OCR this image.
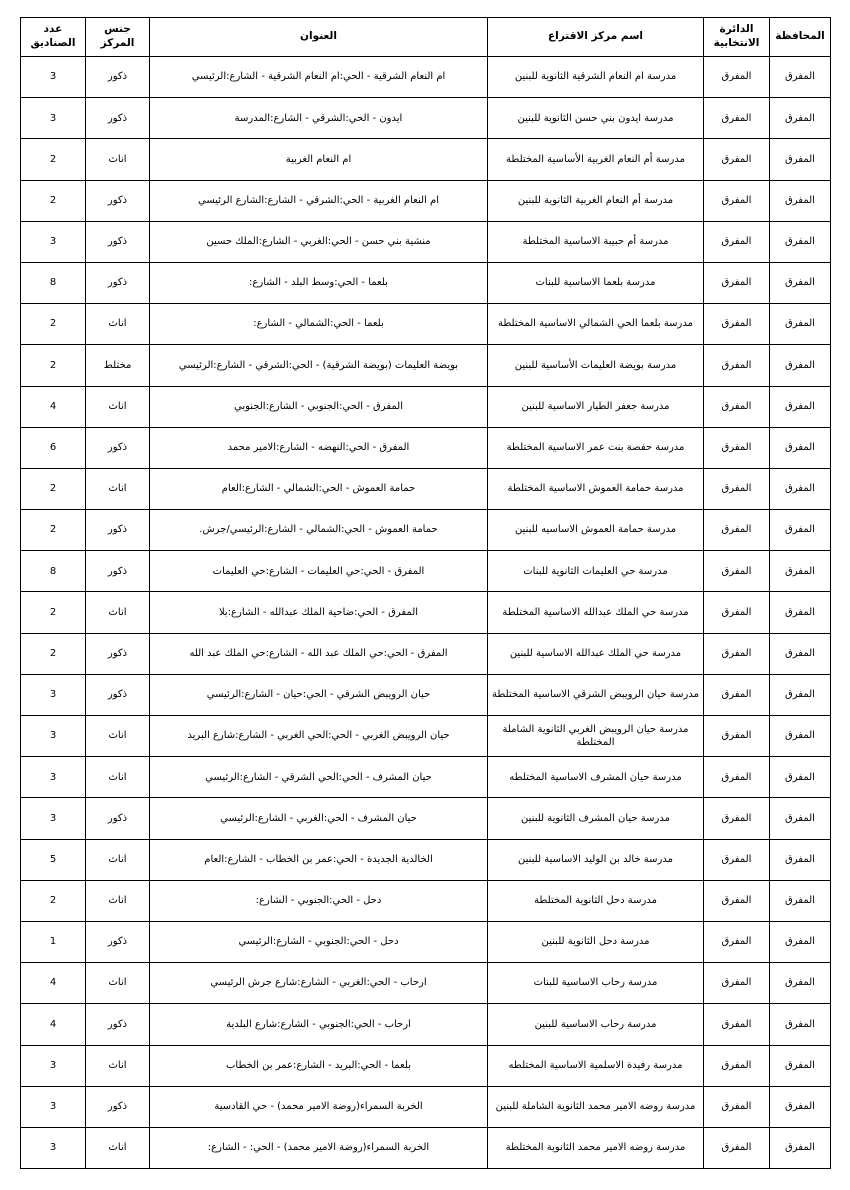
المحافظة	الدائرة الانتخابية	اسم مركز الاقتراع	العنوان	جنس المركز	عدد الصناديق
المفرق	المفرق	مدرسة ام النعام الشرقية الثانوية للبنين	ام النعام الشرقية - الحي:ام النعام الشرقية - الشارع:الرئيسي	ذكور	3
المفرق	المفرق	مدرسة ايدون بني حسن الثانوية للبنين	ايدون - الحي:الشرقي - الشارع:المدرسة	ذكور	3
المفرق	المفرق	مدرسة أم النعام الغربية الأساسية المختلطة	ام النعام الغربية	اناث	2
المفرق	المفرق	مدرسة أم النعام الغربية الثانوية للبنين	ام النعام الغربية - الحي:الشرقي - الشارع:الشارع الرئيسي	ذكور	2
المفرق	المفرق	مدرسة أم حبيبة الاساسية المختلطة	منشية بني حسن - الحي:الغربي - الشارع:الملك حسين	ذكور	3
المفرق	المفرق	مدرسة بلعما الاساسية للبنات	بلعما - الحي:وسط البلد - الشارع:	ذكور	8
المفرق	المفرق	مدرسة بلعما الحي الشمالي الاساسية المختلطة	بلعما - الحي:الشمالي - الشارع:	اناث	2
المفرق	المفرق	مدرسة بويضة العليمات الأساسية للبنين	بويضة العليمات (بويضة الشرقية) - الحي:الشرقي - الشارع:الرئيسي	مختلط	2
المفرق	المفرق	مدرسة جعفر الطيار الاساسية للبنين	المفرق - الحي:الجنوبي - الشارع:الجنوبي	اناث	4
المفرق	المفرق	مدرسة حفصة بنت عمر الاساسية المختلطة	المفرق - الحي:النهضه - الشارع:الامير محمد	ذكور	6
المفرق	المفرق	مدرسة حمامة العموش الاساسية المختلطة	حمامة العموش - الحي:الشمالي - الشارع:العام	اناث	2
المفرق	المفرق	مدرسة حمامة العموش الاساسيه للبنين	حمامة العموش - الحي:الشمالي - الشارع:الرئيسي/جرش.	ذكور	2
المفرق	المفرق	مدرسة حي العليمات الثانوية للبنات	المفرق - الحي:حي العليمات - الشارع:حي العليمات	ذكور	8
المفرق	المفرق	مدرسة حي الملك عبدالله الاساسية المختلطة	المفرق - الحي:ضاحية الملك عبدالله - الشارع:بلا	اناث	2
المفرق	المفرق	مدرسة حي الملك عبدالله الاساسية للبنين	المفرق - الحي:حي الملك عبد الله - الشارع:حي الملك عبد الله	ذكور	2
المفرق	المفرق	مدرسة حيان الرويبض الشرقي الاساسية المختلطة	حيان الرويبض الشرقي - الحي:حيان - الشارع:الرئيسي	ذكور	3
المفرق	المفرق	مدرسة حيان الرويبض الغربي الثانوية الشاملة المختلطة	حيان الرويبض الغربي - الحي:الحي الغربي - الشارع:شارع البريد	اناث	3
المفرق	المفرق	مدرسة حيان المشرف الاساسية المختلطه	حيان المشرف - الحي:الحي الشرقي - الشارع:الرئيسي	اناث	3
المفرق	المفرق	مدرسة حيان المشرف الثانوية للبنين	حيان المشرف - الحي:الغربي - الشارع:الرئيسي	ذكور	3
المفرق	المفرق	مدرسة خالد بن الوليد الاساسية للبنين	الخالدية الجديدة - الحي:عمر بن الخطاب - الشارع:العام	اناث	5
المفرق	المفرق	مدرسة دحل الثانوية المختلطة	دحل - الحي:الجنوبي - الشارع:	اناث	2
المفرق	المفرق	مدرسة دحل الثانوية للبنين	دحل - الحي:الجنوبي - الشارع:الرئيسي	ذكور	1
المفرق	المفرق	مدرسة رحاب الاساسية للبنات	ارحاب - الحي:الغربي - الشارع:شارع جرش الرئيسي	اناث	4
المفرق	المفرق	مدرسة رحاب الاساسية للبنين	ارحاب - الحي:الجنوبي - الشارع:شارع البلدية	ذكور	4
المفرق	المفرق	مدرسة رفيدة الاسلمية الاساسية المختلطه	بلعما - الحي:البريد - الشارع:عمر بن الخطاب	اناث	3
المفرق	المفرق	مدرسة روضه الامير محمد الثانوية الشاملة للبنين	الخربة السمراء(روضة الامير محمد) - حي القادسية	ذكور	3
المفرق	المفرق	مدرسة روضه الامير محمد الثانوية المختلطة	الخربة السمراء(روضة الامير محمد) - الحي: - الشارع:	اناث	3
